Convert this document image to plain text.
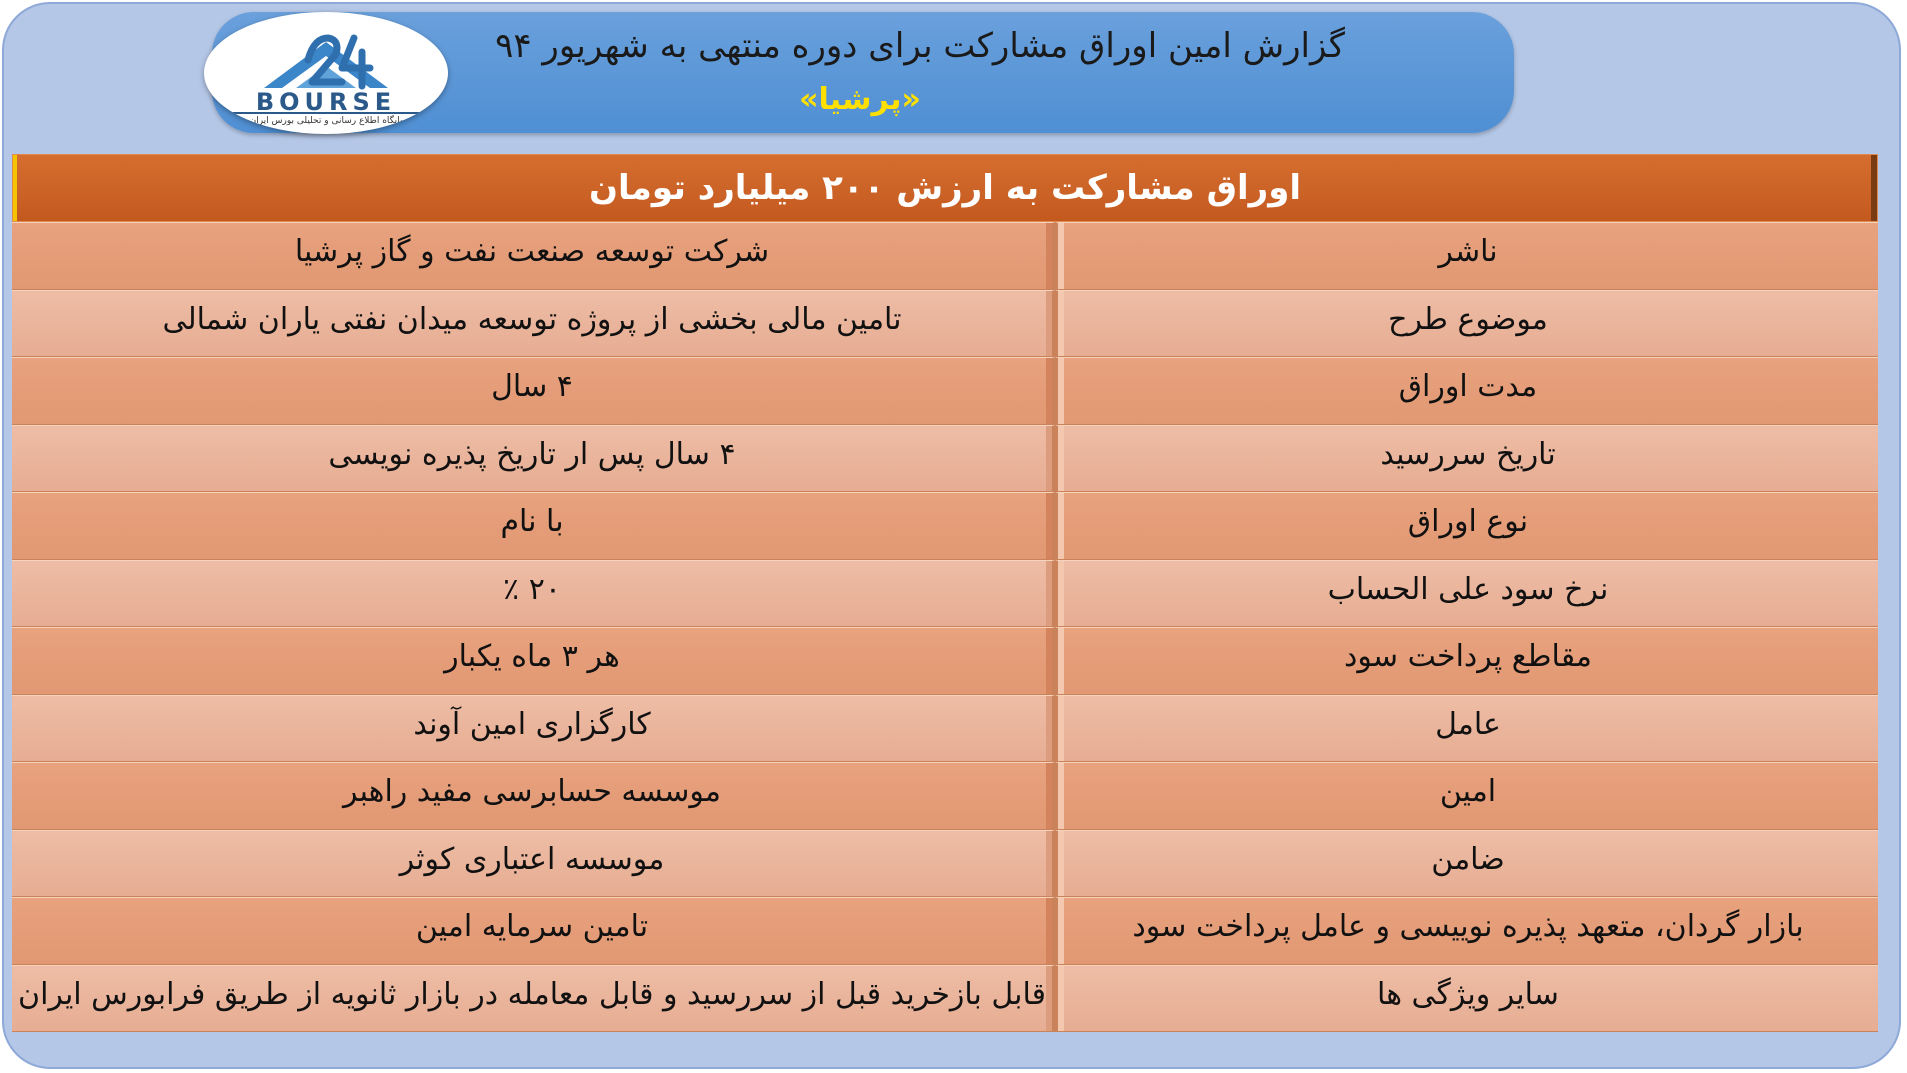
گزارش امین اوراق مشارکت برای دوره منتهی به شهریور ۹۴
«پرشیا»
BOURSE
پایگاه اطلاع رسانی و تحلیلی بورس ایران
اوراق مشارکت به ارزش ۲۰۰ میلیارد تومان
شرکت توسعه صنعت نفت و گاز پرشیا	ناشر
تامین مالی بخشی از پروژه توسعه میدان نفتی یاران شمالی	موضوع طرح
۴ سال	مدت اوراق
۴ سال پس ار تاریخ پذیره نویسی	تاریخ سررسید
با نام	نوع اوراق
۲۰ ٪	نرخ سود علی الحساب
هر ۳ ماه یکبار	مقاطع پرداخت سود
کارگزاری امین آوند	عامل
موسسه حسابرسی مفید راهبر	امین
موسسه اعتباری کوثر	ضامن
تامین سرمایه امین	بازار گردان، متعهد پذیره نوییسی و عامل پرداخت سود
قابل بازخرید قبل از سررسید و قابل معامله در بازار ثانویه از طریق فرابورس ایران	سایر ویژگی ها
